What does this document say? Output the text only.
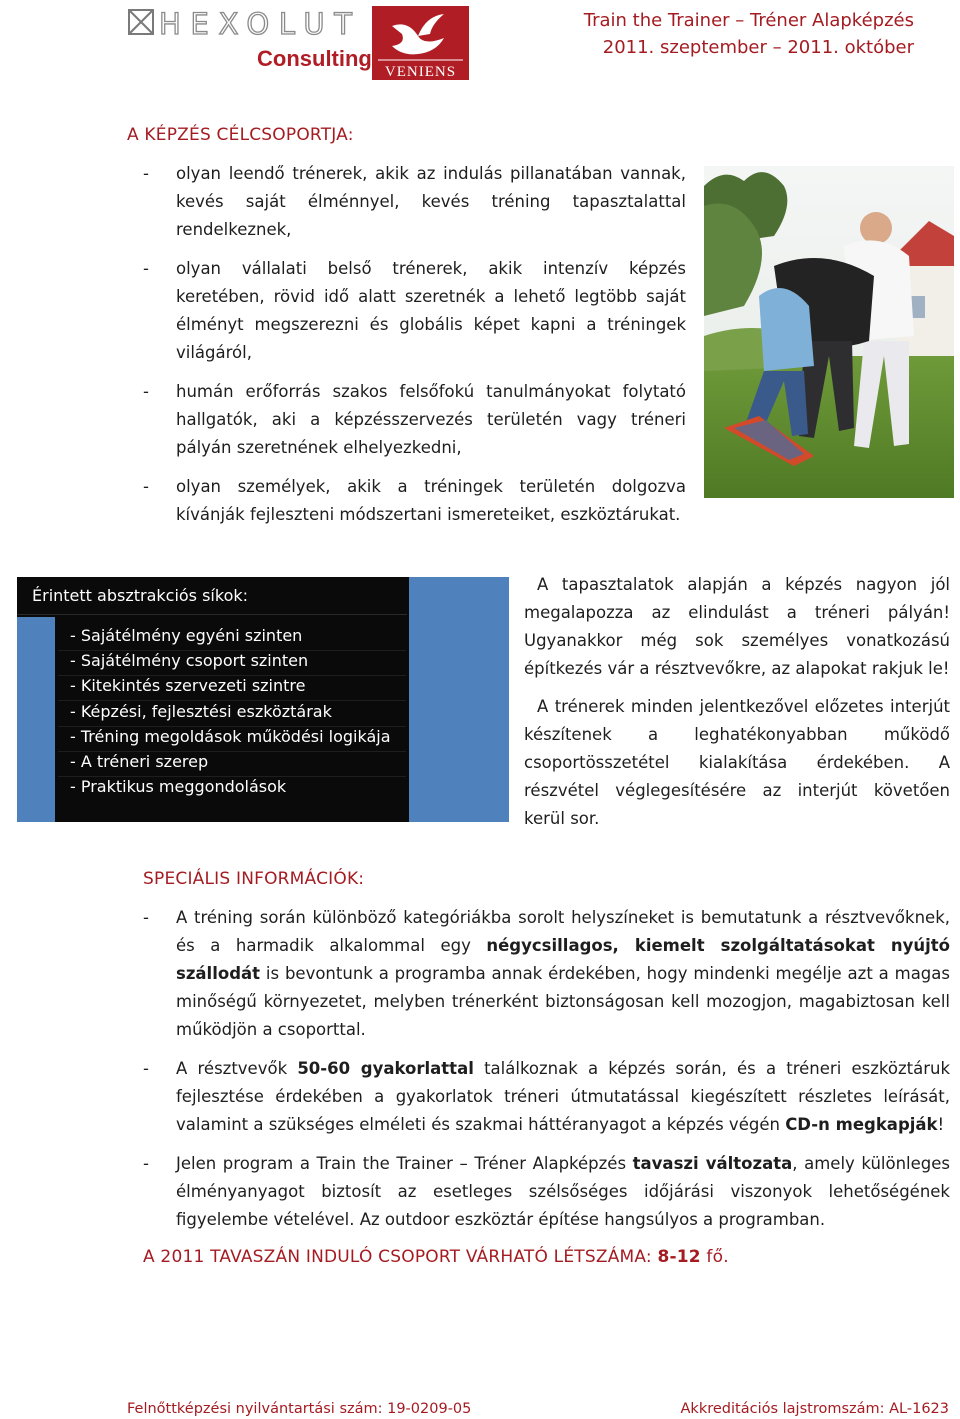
HEXOLUT
Consulting
VENIENS
Train the Trainer – Tréner Alapképzés
2011. szeptember – 2011. október
A KÉPZÉS CÉLCSOPORTJA:
- olyan leendő trénerek, akik az indulás pillanatában vannak, kevés saját élménnyel, kevés tréning tapasztalattal rendelkeznek,

- olyan vállalati belső trénerek, akik intenzív képzés keretében, rövid idő alatt szeretnék a lehető legtöbb saját élményt megszerezni és globális képet kapni a tréningek világáról,

- humán erőforrás szakos felsőfokú tanulmányokat folytató hallgatók, aki a képzésszervezés területén vagy tréneri pályán szeretnének elhelyezkedni,

- olyan személyek, akik a tréningek területén dolgozva kívánják fejleszteni módszertani ismereteiket, eszköztárukat.

Érintett absztrakciós síkok:
- Sajátélmény egyéni szinten
- Sajátélmény csoport szinten
- Kitekintés szervezeti szintre
- Képzési, fejlesztési eszköztárak
- Tréning megoldások működési logikája
- A tréneri szerep
- Praktikus meggondolások

A tapasztalatok alapján a képzés nagyon jól megalapozza az elindulást a tréneri pályán! Ugyanakkor még sok személyes vonatkozású építkezés vár a résztvevőkre, az alapokat rakjuk le!

A trénerek minden jelentkezővel előzetes interjút készítenek a leghatékonyabban működő csoportösszetétel kialakítása érdekében. A részvétel véglegesítésére az interjút követően kerül sor.

SPECIÁLIS INFORMÁCIÓK:
- A tréning során különböző kategóriákba sorolt helyszíneket is bemutatunk a résztvevőknek, és a harmadik alkalommal egy négycsillagos, kiemelt szolgáltatásokat nyújtó szállodát is bevontunk a programba annak érdekében, hogy mindenki megélje azt a magas minőségű környezetet, melyben trénerként biztonságosan kell mozogjon, magabiztosan kell működjön a csoporttal.

- A résztvevők 50-60 gyakorlattal találkoznak a képzés során, és a tréneri eszköztáruk fejlesztése érdekében a gyakorlatok tréneri útmutatással kiegészített részletes leírását, valamint a szükséges elméleti és szakmai háttéranyagot a képzés végén CD-n megkapják!

- Jelen program a Train the Trainer – Tréner Alapképzés tavaszi változata, amely különleges élményanyagot biztosít az esetleges szélsőséges időjárási viszonyok lehetőségének figyelembe vételével. Az outdoor eszköztár építése hangsúlyos a programban.

A 2011 TAVASZÁN INDULÓ CSOPORT VÁRHATÓ LÉTSZÁMA: 8-12 fő.
Felnőttképzési nyilvántartási szám: 19-0209-05	Akkreditációs lajstromszám: AL-1623
